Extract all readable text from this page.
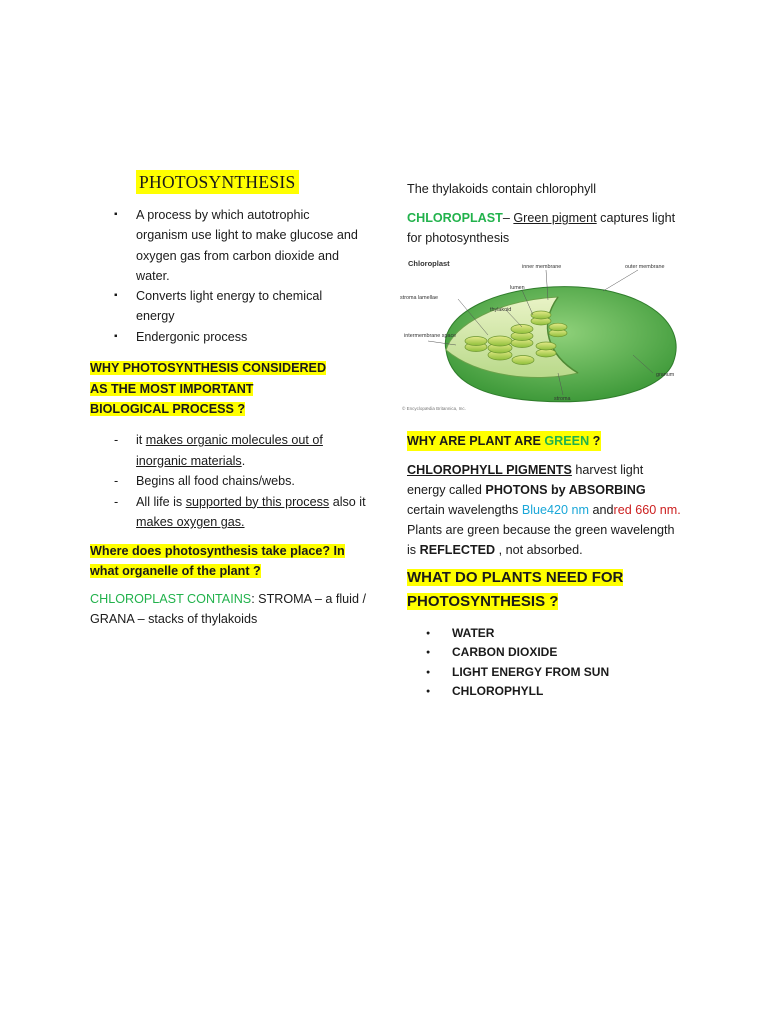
PHOTOSYNTHESIS
▪ A process by which autotrophic organism use light to make glucose and oxygen gas from carbon dioxide and water.
▪ Converts light energy to chemical energy
▪ Endergonic process
WHY PHOTOSYNTHESIS CONSIDERED AS THE MOST IMPORTANT BIOLOGICAL PROCESS ?
- it makes organic molecules out of inorganic materials.
- Begins all food chains/webs.
- All life is supported by this process also it makes oxygen gas.
Where does photosynthesis take place? In what organelle of the plant ?
CHLOROPLAST CONTAINS: STROMA – a fluid / GRANA – stacks of thylakoids
The thylakoids contain chlorophyll
CHLOROPLAST– Green pigment captures light for photosynthesis
Chloroplast	inner membrane	outer membrane
lumen
stroma lamellae
thylakoid
intermembrane space
granum
stroma
© Encyclopædia Britannica, Inc.
WHY ARE PLANT ARE GREEN ?
CHLOROPHYLL PIGMENTS harvest light energy called PHOTONS by ABSORBING certain wavelengths Blue420 nm andred 660 nm. Plants are green because the green wavelength is REFLECTED , not absorbed.
WHAT DO PLANTS NEED FOR PHOTOSYNTHESIS ?
● WATER
● CARBON DIOXIDE
● LIGHT ENERGY FROM SUN
● CHLOROPHYLL
